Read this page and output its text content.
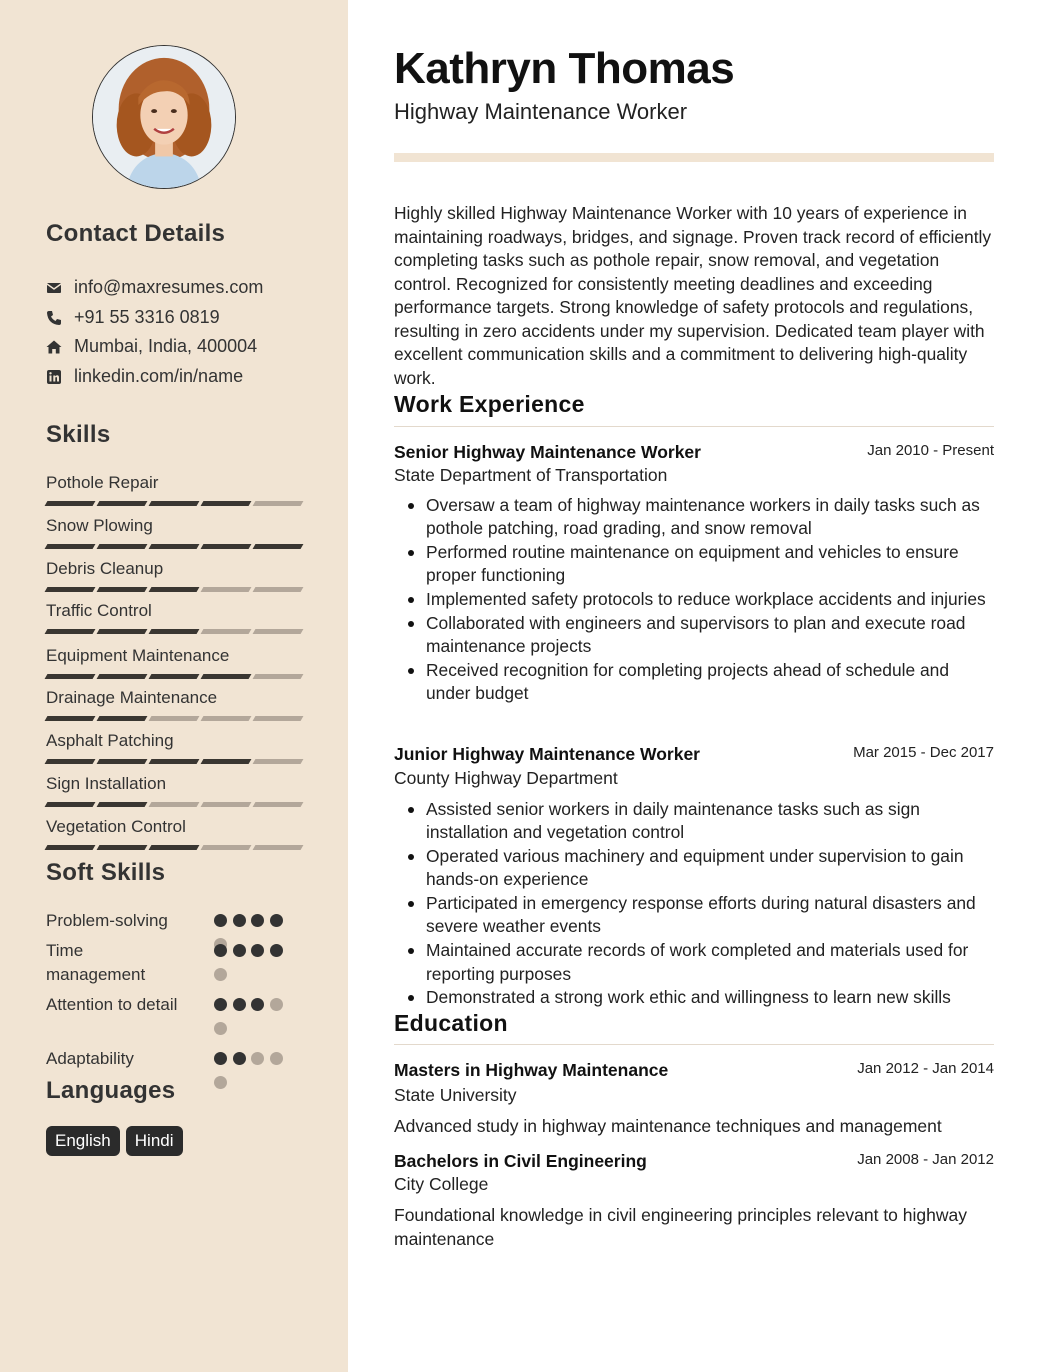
Contact Details
info@maxresumes.com
+91 55 3316 0819
Mumbai, India, 400004
linkedin.com/in/name
Skills
Pothole Repair
Snow Plowing
Debris Cleanup
Traffic Control
Equipment Maintenance
Drainage Maintenance
Asphalt Patching
Sign Installation
Vegetation Control
Soft Skills
Problem-solving
Time management
Attention to detail
Adaptability
Languages
English	Hindi
Kathryn Thomas
Highway Maintenance Worker
Highly skilled Highway Maintenance Worker with 10 years of experience in maintaining roadways, bridges, and signage. Proven track record of efficiently completing tasks such as pothole repair, snow removal, and vegetation control. Recognized for consistently meeting deadlines and exceeding performance targets. Strong knowledge of safety protocols and regulations, resulting in zero accidents under my supervision. Dedicated team player with excellent communication skills and a commitment to delivering high-quality work.
Work Experience
Senior Highway Maintenance Worker	Jan 2010 - Present
State Department of Transportation
Oversaw a team of highway maintenance workers in daily tasks such as pothole patching, road grading, and snow removal
Performed routine maintenance on equipment and vehicles to ensure proper functioning
Implemented safety protocols to reduce workplace accidents and injuries
Collaborated with engineers and supervisors to plan and execute road maintenance projects
Received recognition for completing projects ahead of schedule and under budget
Junior Highway Maintenance Worker	Mar 2015 - Dec 2017
County Highway Department
Assisted senior workers in daily maintenance tasks such as sign installation and vegetation control
Operated various machinery and equipment under supervision to gain hands-on experience
Participated in emergency response efforts during natural disasters and severe weather events
Maintained accurate records of work completed and materials used for reporting purposes
Demonstrated a strong work ethic and willingness to learn new skills
Education
Masters in Highway Maintenance	Jan 2012 - Jan 2014
State University
Advanced study in highway maintenance techniques and management
Bachelors in Civil Engineering	Jan 2008 - Jan 2012
City College
Foundational knowledge in civil engineering principles relevant to highway maintenance
